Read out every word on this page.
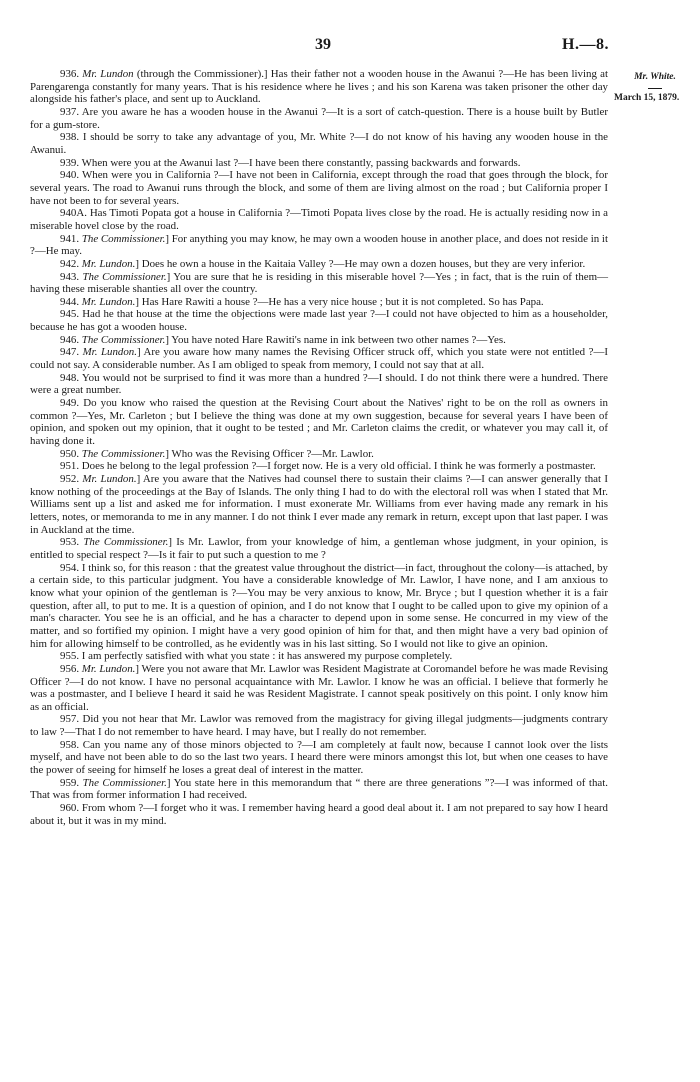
39	H.—8.
Mr. White.
March 15, 1879.

936. Mr. Lundon (through the Commissioner).] Has their father not a wooden house in the Awanui ?—He has been living at Parengarenga constantly for many years. That is his residence where he lives ; and his son Karena was taken prisoner the other day alongside his father's place, and sent up to Auckland.

937. Are you aware he has a wooden house in the Awanui ?—It is a sort of catch-question. There is a house built by Butler for a gum-store.

938. I should be sorry to take any advantage of you, Mr. White ?—I do not know of his having any wooden house in the Awanui.

939. When were you at the Awanui last ?—I have been there constantly, passing backwards and forwards.

940. When were you in California ?—I have not been in California, except through the road that goes through the block, for several years. The road to Awanui runs through the block, and some of them are living almost on the road ; but California proper I have not been to for several years.

940A. Has Timoti Popata got a house in California ?—Timoti Popata lives close by the road. He is actually residing now in a miserable hovel close by the road.

941. The Commissioner.] For anything you may know, he may own a wooden house in another place, and does not reside in it ?—He may.

942. Mr. Lundon.] Does he own a house in the Kaitaia Valley ?—He may own a dozen houses, but they are very inferior.

943. The Commissioner.] You are sure that he is residing in this miserable hovel ?—Yes ; in fact, that is the ruin of them—having these miserable shanties all over the country.

944. Mr. Lundon.] Has Hare Rawiti a house ?—He has a very nice house ; but it is not completed. So has Papa.

945. Had he that house at the time the objections were made last year ?—I could not have objected to him as a householder, because he has got a wooden house.

946. The Commissioner.] You have noted Hare Rawiti's name in ink between two other names ?—Yes.

947. Mr. Lundon.] Are you aware how many names the Revising Officer struck off, which you state were not entitled ?—I could not say. A considerable number. As I am obliged to speak from memory, I could not say that at all.

948. You would not be surprised to find it was more than a hundred ?—I should. I do not think there were a hundred. There were a great number.

949. Do you know who raised the question at the Revising Court about the Natives' right to be on the roll as owners in common ?—Yes, Mr. Carleton ; but I believe the thing was done at my own suggestion, because for several years I have been of opinion, and spoken out my opinion, that it ought to be tested ; and Mr. Carleton claims the credit, or whatever you may call it, of having done it.

950. The Commissioner.] Who was the Revising Officer ?—Mr. Lawlor.

951. Does he belong to the legal profession ?—I forget now. He is a very old official. I think he was formerly a postmaster.

952. Mr. Lundon.] Are you aware that the Natives had counsel there to sustain their claims ?—I can answer generally that I know nothing of the proceedings at the Bay of Islands. The only thing I had to do with the electoral roll was when I stated that Mr. Williams sent up a list and asked me for information. I must exonerate Mr. Williams from ever having made any remark in his letters, notes, or memoranda to me in any manner. I do not think I ever made any remark in return, except upon that last paper. I was in Auckland at the time.

953. The Commissioner.] Is Mr. Lawlor, from your knowledge of him, a gentleman whose judgment, in your opinion, is entitled to special respect ?—Is it fair to put such a question to me ?

954. I think so, for this reason : that the greatest value throughout the district—in fact, throughout the colony—is attached, by a certain side, to this particular judgment. You have a considerable knowledge of Mr. Lawlor, I have none, and I am anxious to know what your opinion of the gentleman is ?—You may be very anxious to know, Mr. Bryce ; but I question whether it is a fair question, after all, to put to me. It is a question of opinion, and I do not know that I ought to be called upon to give my opinion of a man's character. You see he is an official, and he has a character to depend upon in some sense. He concurred in my view of the matter, and so fortified my opinion. I might have a very good opinion of him for that, and then might have a very bad opinion of him for allowing himself to be controlled, as he evidently was in his last sitting. So I would not like to give an opinion.

955. I am perfectly satisfied with what you state : it has answered my purpose completely.

956. Mr. Lundon.] Were you not aware that Mr. Lawlor was Resident Magistrate at Coromandel before he was made Revising Officer ?—I do not know. I have no personal acquaintance with Mr. Lawlor. I know he was an official. I believe that formerly he was a postmaster, and I believe I heard it said he was Resident Magistrate. I cannot speak positively on this point. I only know him as an official.

957. Did you not hear that Mr. Lawlor was removed from the magistracy for giving illegal judgments—judgments contrary to law ?—That I do not remember to have heard. I may have, but I really do not remember.

958. Can you name any of those minors objected to ?—I am completely at fault now, because I cannot look over the lists myself, and have not been able to do so the last two years. I heard there were minors amongst this lot, but when one ceases to have the power of seeing for himself he loses a great deal of interest in the matter.

959. The Commissioner.] You state here in this memorandum that “ there are three generations ”?—I was informed of that. That was from former information I had received.

960. From whom ?—I forget who it was. I remember having heard a good deal about it. I am not prepared to say how I heard about it, but it was in my mind.
